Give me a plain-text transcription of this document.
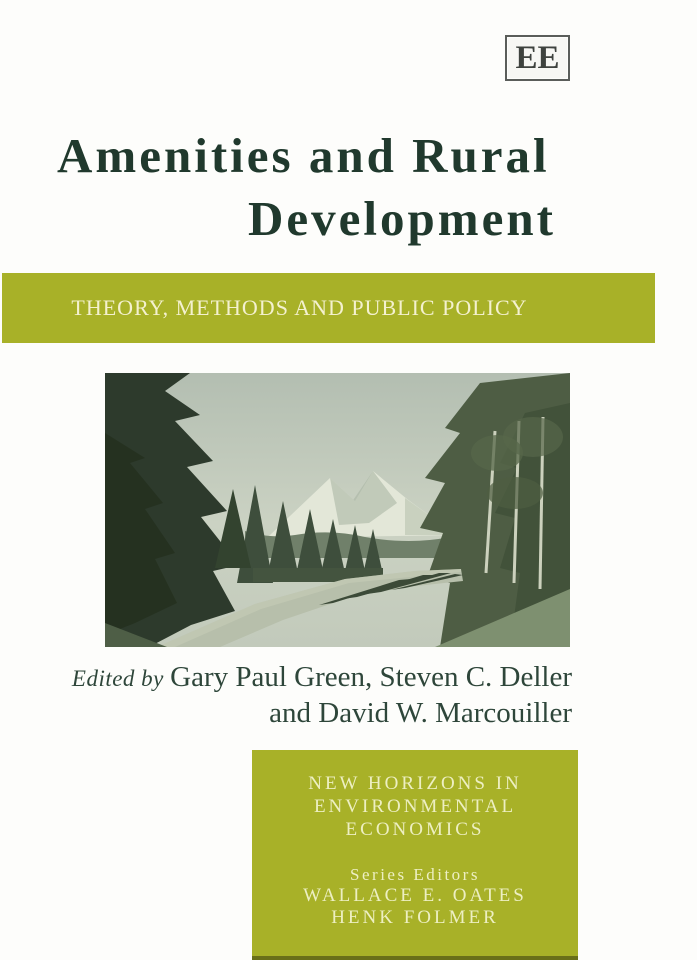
EE
Amenities and Rural
Development
THEORY, METHODS AND PUBLIC POLICY

Edited by Gary Paul Green, Steven C. Deller
and David W. Marcouiller

NEW HORIZONS IN
ENVIRONMENTAL
ECONOMICS
Series Editors
WALLACE E. OATES
HENK FOLMER
